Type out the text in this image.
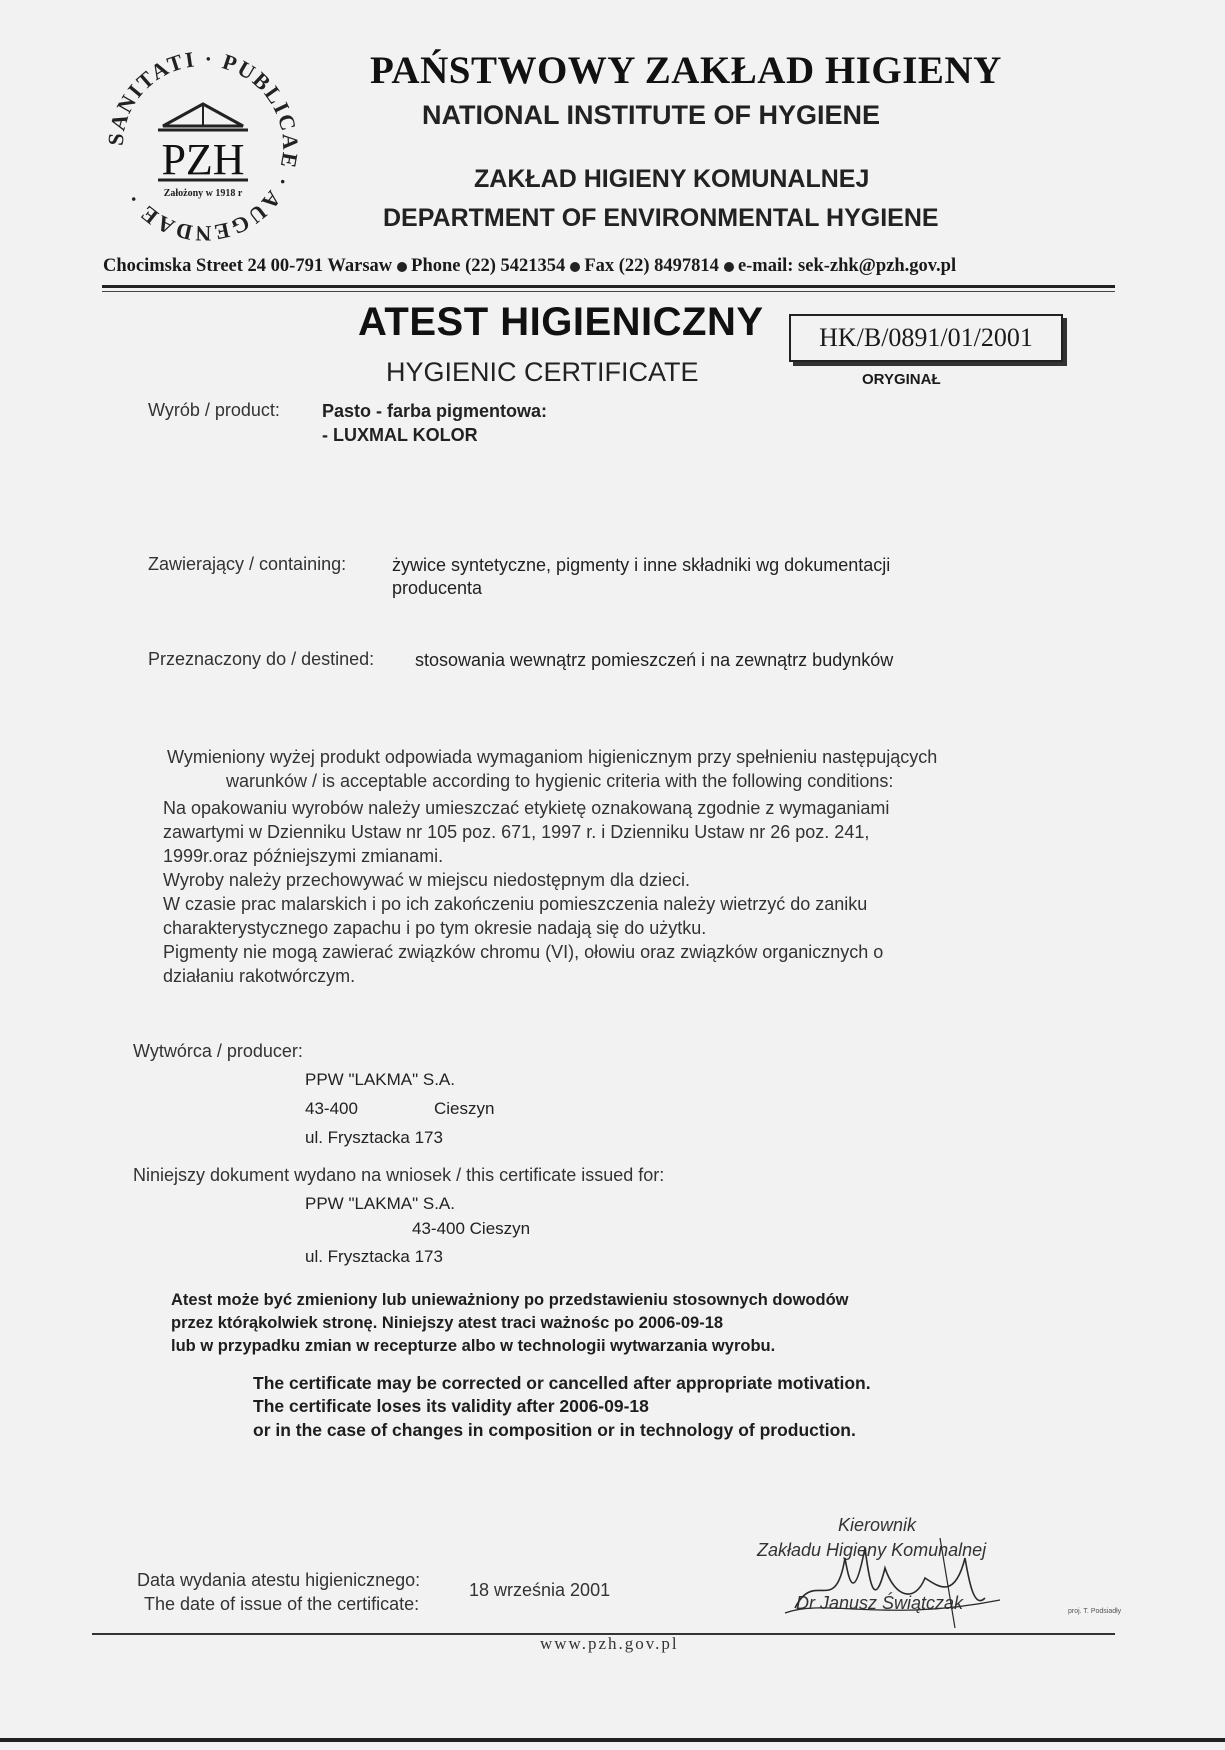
SANITATI · PUBLICAE · AUGENDAE ·
PZH
Założony w 1918 r
PAŃSTWOWY ZAKŁAD HIGIENY
NATIONAL INSTITUTE OF HYGIENE
ZAKŁAD HIGIENY KOMUNALNEJ
DEPARTMENT OF ENVIRONMENTAL HYGIENE
Chocimska Street 24 00-791 Warsaw Phone (22) 5421354 Fax (22) 8497814 e-mail: sek-zhk@pzh.gov.pl
ATEST HIGIENICZNY HK/B/0891/01/2001
HYGIENIC CERTIFICATE	ORYGINAŁ
Wyrób / product: Pasto - farba pigmentowa:
- LUXMAL KOLOR
Zawierający / containing:	żywice syntetyczne, pigmenty i inne składniki wg dokumentacji
producenta
Przeznaczony do / destined: stosowania wewnątrz pomieszczeń i na zewnątrz budynków
Wymieniony wyżej produkt odpowiada wymaganiom higienicznym przy spełnieniu następujących
warunków / is acceptable according to hygienic criteria with the following conditions:
Na opakowaniu wyrobów należy umieszczać etykietę oznakowaną zgodnie z wymaganiami
zawartymi w Dzienniku Ustaw nr 105 poz. 671, 1997 r. i Dzienniku Ustaw nr 26 poz. 241,
1999r.oraz późniejszymi zmianami.
Wyroby należy przechowywać w miejscu niedostępnym dla dzieci.
W czasie prac malarskich i po ich zakończeniu pomieszczenia należy wietrzyć do zaniku
charakterystycznego zapachu i po tym okresie nadają się do użytku.
Pigmenty nie mogą zawierać związków chromu (VI), ołowiu oraz związków organicznych o
działaniu rakotwórczym.
Wytwórca / producer:
PPW "LAKMA" S.A.
43-400	Cieszyn
ul. Frysztacka 173
Niniejszy dokument wydano na wniosek / this certificate issued for:
PPW "LAKMA" S.A.
43-400 Cieszyn
ul. Frysztacka 173
Atest może być zmieniony lub unieważniony po przedstawieniu stosownych dowodów
przez którąkolwiek stronę. Niniejszy atest traci ważnośc po 2006-09-18
lub w przypadku zmian w recepturze albo w technologii wytwarzania wyrobu.
The certificate may be corrected or cancelled after appropriate motivation.
The certificate loses its validity after 2006-09-18
or in the case of changes in composition or in technology of production.
Kierownik
Zakładu Higieny Komunalnej
Dr Janusz Świątczak	proj. T. Podsiadły
Data wydania atestu higienicznego:
The date of issue of the certificate:
18 września 2001
www.pzh.gov.pl
